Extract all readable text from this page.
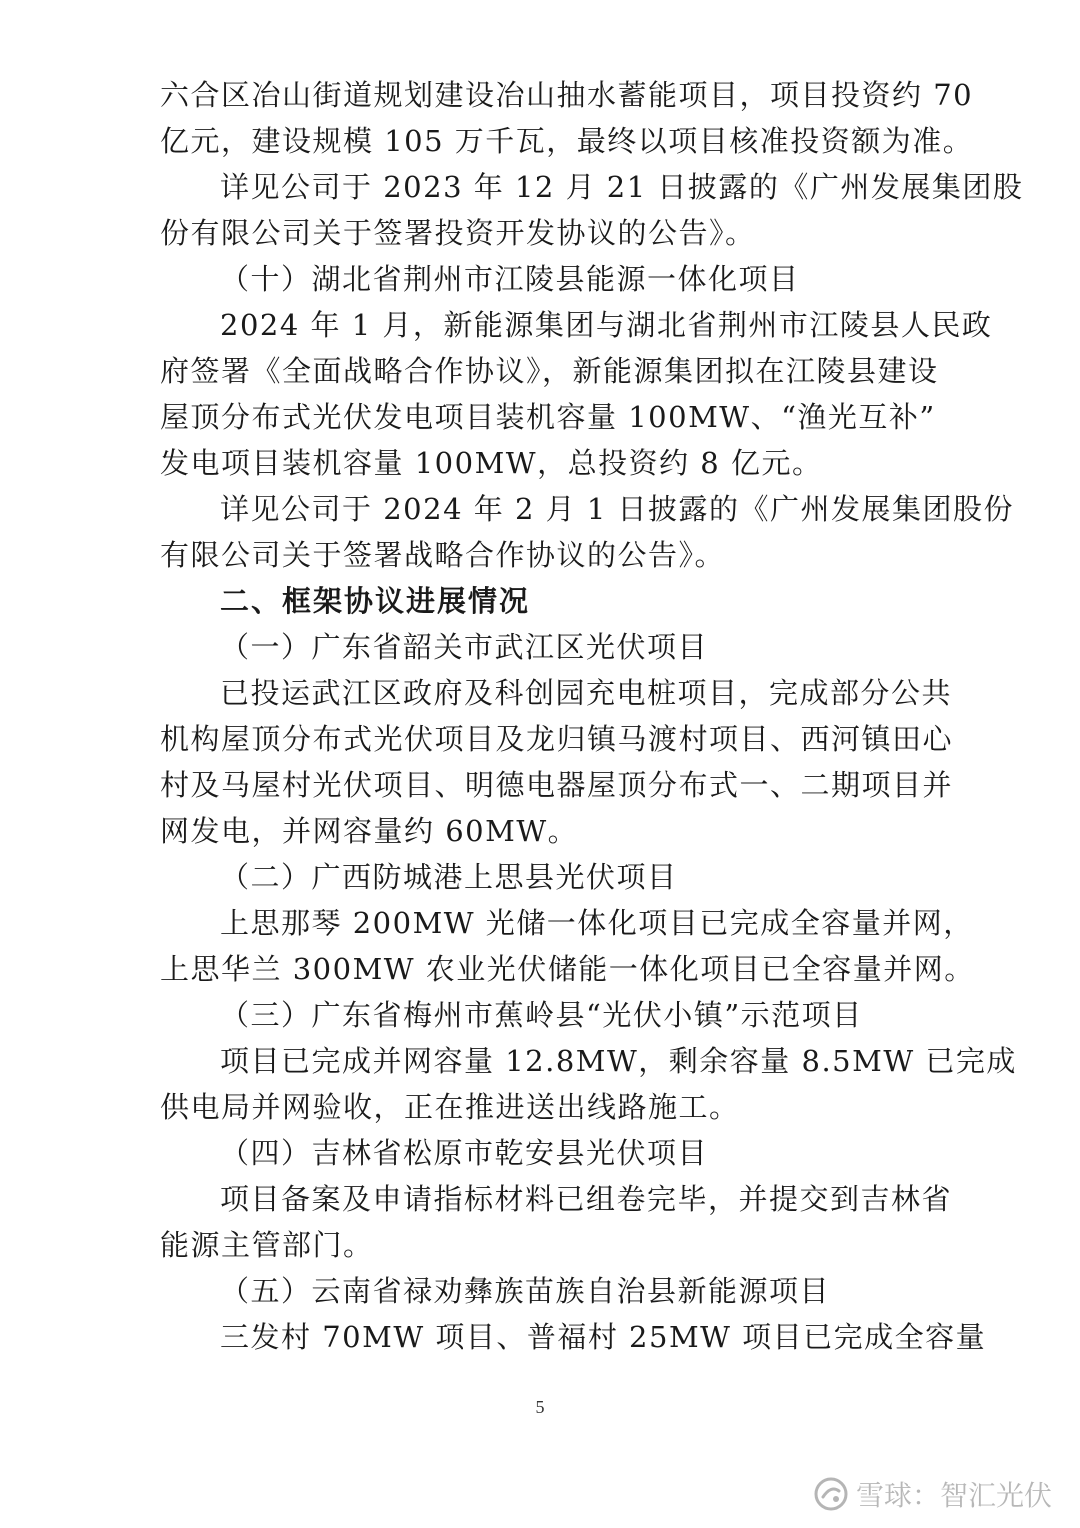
六合区冶山街道规划建设冶山抽水蓄能项目，项目投资约 70
亿元，建设规模 105 万千瓦，最终以项目核准投资额为准。
详见公司于 2023 年 12 月 21 日披露的《广州发展集团股
份有限公司关于签署投资开发协议的公告》。
（十）湖北省荆州市江陵县能源一体化项目
2024 年 1 月，新能源集团与湖北省荆州市江陵县人民政
府签署《全面战略合作协议》，新能源集团拟在江陵县建设
屋顶分布式光伏发电项目装机容量 100MW、“渔光互补”
发电项目装机容量 100MW，总投资约 8 亿元。
详见公司于 2024 年 2 月 1 日披露的《广州发展集团股份
有限公司关于签署战略合作协议的公告》。
二、框架协议进展情况
（一）广东省韶关市武江区光伏项目
已投运武江区政府及科创园充电桩项目，完成部分公共
机构屋顶分布式光伏项目及龙归镇马渡村项目、西河镇田心
村及马屋村光伏项目、明德电器屋顶分布式一、二期项目并
网发电，并网容量约 60MW。
（二）广西防城港上思县光伏项目
上思那琴 200MW 光储一体化项目已完成全容量并网，
上思华兰 300MW 农业光伏储能一体化项目已全容量并网。
（三）广东省梅州市蕉岭县“光伏小镇”示范项目
项目已完成并网容量 12.8MW，剩余容量 8.5MW 已完成
供电局并网验收，正在推进送出线路施工。
（四）吉林省松原市乾安县光伏项目
项目备案及申请指标材料已组卷完毕，并提交到吉林省
能源主管部门。
（五）云南省禄劝彝族苗族自治县新能源项目
三发村 70MW 项目、普福村 25MW 项目已完成全容量
5
雪球：智汇光伏
